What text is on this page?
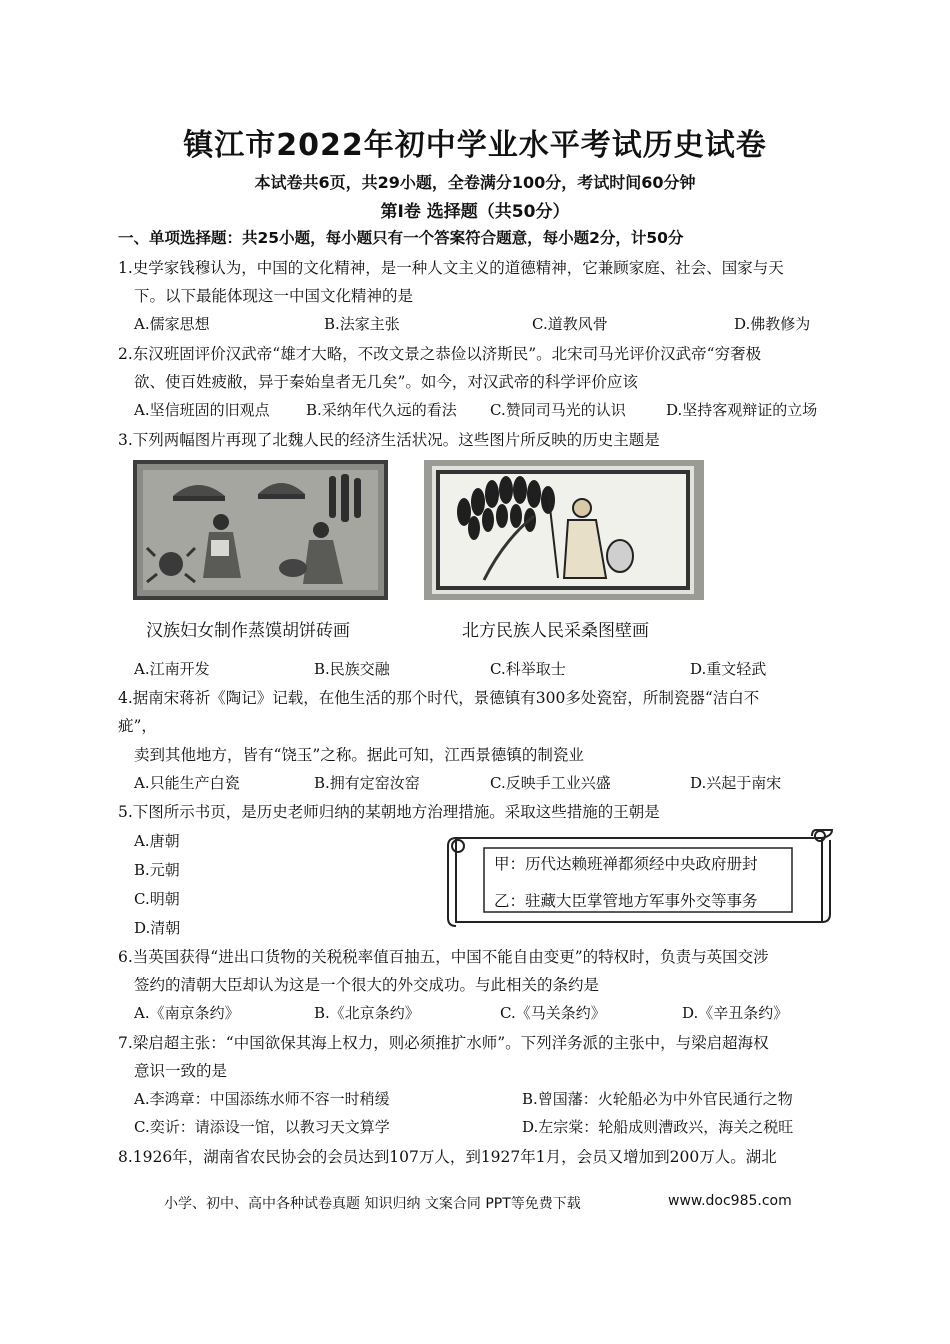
镇江市2022年初中学业水平考试历史试卷
本试卷共6页，共29小题，全卷满分100分，考试时间60分钟
第Ⅰ卷 选择题（共50分）
一、单项选择题：共25小题，每小题只有一个答案符合题意，每小题2分，计50分
1.史学家钱穆认为，中国的文化精神，是一种人文主义的道德精神，它兼顾家庭、社会、国家与天
下。以下最能体现这一中国文化精神的是
A.儒家思想	B.法家主张	C.道教风骨	D.佛教修为
2.东汉班固评价汉武帝“雄才大略，不改文景之恭俭以济斯民”。北宋司马光评价汉武帝“穷奢极
欲、使百姓疲敝，异于秦始皇者无几矣”。如今，对汉武帝的科学评价应该
A.坚信班固的旧观点 B.采纳年代久远的看法 C.赞同司马光的认识	D.坚持客观辩证的立场
3.下列两幅图片再现了北魏人民的经济生活状况。这些图片所反映的历史主题是
汉族妇女制作蒸馍胡饼砖画	北方民族人民采桑图壁画
A.江南开发	B.民族交融	C.科举取士	D.重文轻武
4.据南宋蒋祈《陶记》记载，在他生活的那个时代，景德镇有300多处瓷窑，所制瓷器“洁白不
疵”，
卖到其他地方，皆有“饶玉”之称。据此可知，江西景德镇的制瓷业
A.只能生产白瓷	B.拥有定窑汝窑	C.反映手工业兴盛	D.兴起于南宋
5.下图所示书页，是历史老师归纳的某朝地方治理措施。采取这些措施的王朝是
A.唐朝
B.元朝
C.明朝
D.清朝
甲：历代达赖班禅都须经中央政府册封
乙：驻藏大臣掌管地方军事外交等事务
6.当英国获得“进出口货物的关税税率值百抽五，中国不能自由变更”的特权时，负责与英国交涉
签约的清朝大臣却认为这是一个很大的外交成功。与此相关的条约是
A.《南京条约》	B.《北京条约》	C.《马关条约》	D.《辛丑条约》
7.梁启超主张：“中国欲保其海上权力，则必须推扩水师”。下列洋务派的主张中，与梁启超海权
意识一致的是
A.李鸿章：中国添练水师不容一时稍缓	B.曾国藩：火轮船必为中外官民通行之物
C.奕䜣：请添设一馆，以教习天文算学	D.左宗棠：轮船成则漕政兴，海关之税旺
8.1926年，湖南省农民协会的会员达到107万人，到1927年1月，会员又增加到200万人。湖北
小学、初中、高中各种试卷真题 知识归纳 文案合同 PPT等免费下载	www.doc985.com
